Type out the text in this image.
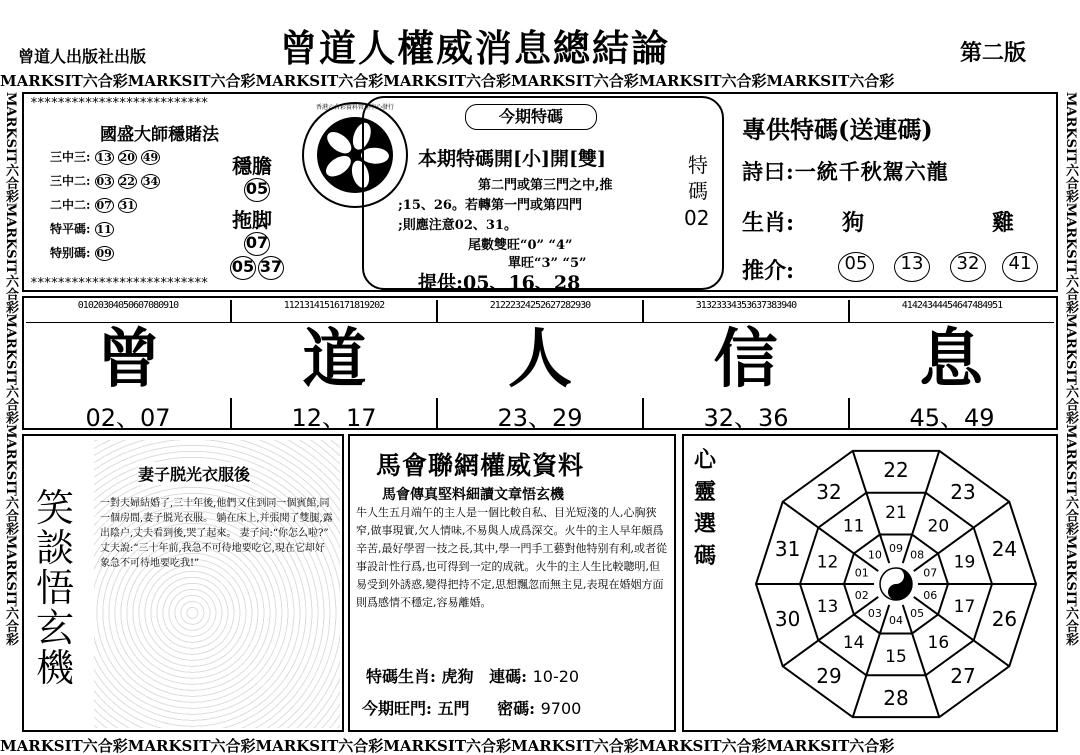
曾道人出版社出版	曾道人權威消息總結論	第二版
MARKSIT六合彩MARKSIT六合彩MARKSIT六合彩MARKSIT六合彩MARKSIT六合彩MARKSIT六合彩MARKSIT六合彩
MARKSIT六合彩MARKSIT六合彩MARKSIT六合彩MARKSIT六合彩MARKSIT六合彩MARKSIT六合彩MARKSIT六合彩
MARKSIT六合彩MARKSIT六合彩MARKSIT六合彩MARKSIT六合彩MARKSIT六合彩	MARKSIT六合彩MARKSIT六合彩MARKSIT六合彩MARKSIT六合彩MARKSIT六合彩
**************************
**************************
國盛大師穩賭法
三中三: 13 20 49
三中二: 03 22 34
二中二: 07 31
特平碼: 11
特别碼: 09
穩膽
05
拖脚
07
05 37
香港六合彩資料管理中心發行	今期特碼
本期特碼開[小]開[雙]
第二門或第三門之中,推
;15、26。若轉第一門或第四門
;則應注意02、31。
尾數雙旺“0” “4”
單旺“3” “5”
提供:05、16、28
特碼
02
專供特碼(送連碼)
詩曰:一統千秋駕六龍
生肖: 狗	雞
推介:	05	13	32	41
01020304050607080910	11213141516171819202	21222324252627282930	31323334353637383940	41424344454647484951
曾	道	人	信	息
02、07	12、17	23、29	32、36	45、49
笑談悟玄機
妻子脱光衣服後
一對夫婦結婚了,三十年後,他們又住到同一個賓館,同一個房間,妻子脱光衣服。 躺在床上,并張開了雙腿,露出陰户,丈夫看到後,哭了起來。 妻子问:“你怎么啦?” 丈夫說:“三十年前,我急不可待地要吃它,現在它却好象急不可待地要吃我!”
馬會聯網權威資料
馬會傳真堅料細讀文章悟玄機
牛人生五月端午的主人是一個比較自私、目光短淺的人,心胸狹窄,做事現實,欠人情味,不易與人成爲深交。火牛的主人早年頗爲辛苦,最好學習一技之長,其中,學一門手工藝對他特别有利,或者從事設計性行爲,也可得到一定的成就。火牛的主人生比較聰明,但易受到外誘惑,變得把持不定,思想飄忽而無主見,表現在婚姻方面則爲感情不穩定,容易離婚。
特碼生肖: 虎狗 連碼: 10-20
今期旺門: 五門 密碼: 9700
心靈選碼
23
24
26
27
28
29
30
31
32
22
20
19
17
16
15
14
13
12
11
21
08
07
06
05
04
03
02
01
10
09
